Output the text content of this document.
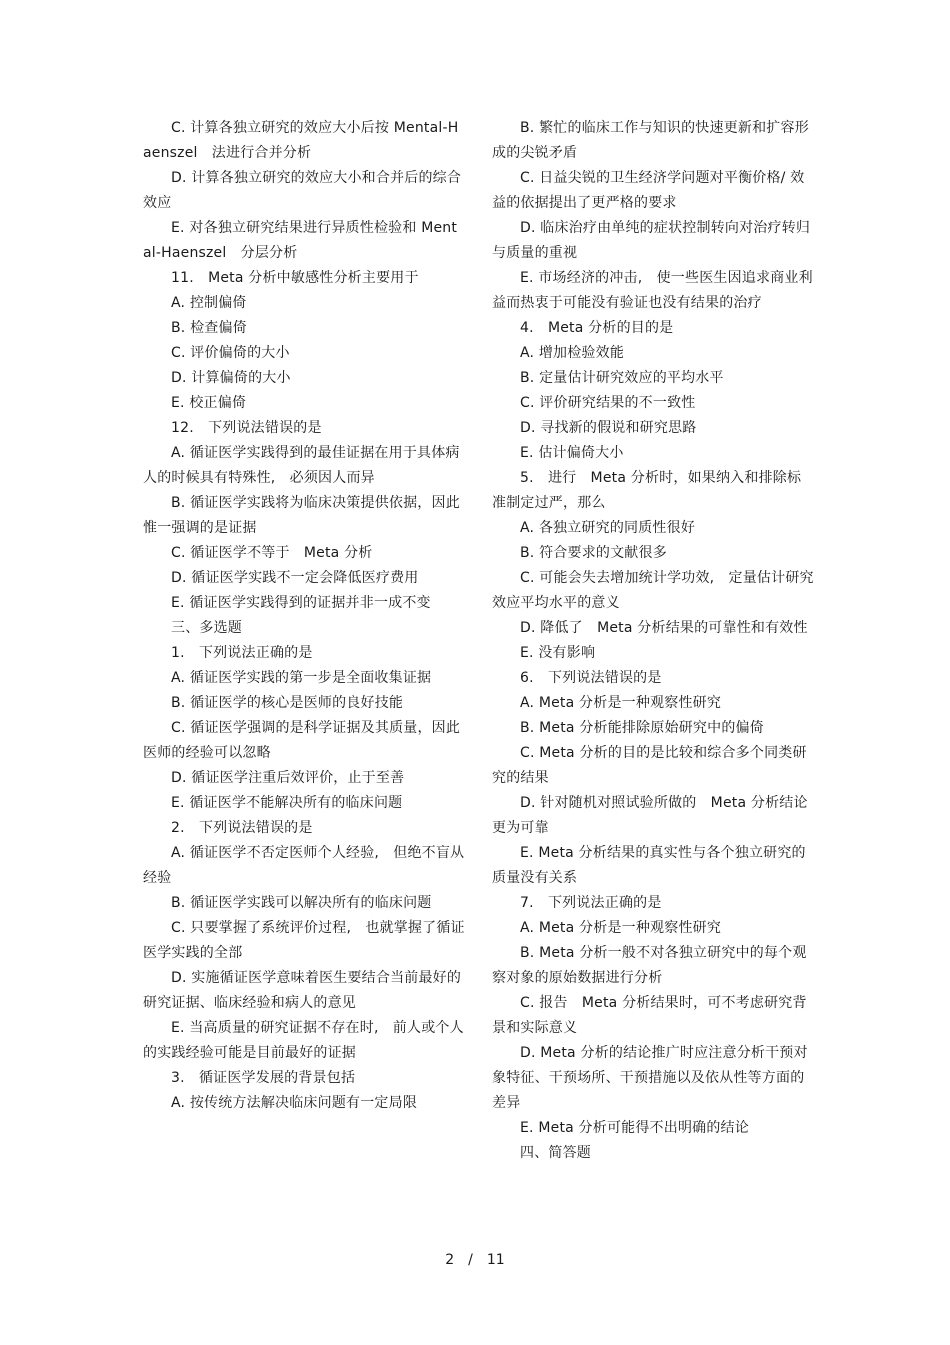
C. 计算各独立研究的效应大小后按 Mental-Haenszel　法进行合并分析

D. 计算各独立研究的效应大小和合并后的综合效应

E. 对各独立研究结果进行异质性检验和 Mental-Haenszel　分层分析

11.　Meta 分析中敏感性分析主要用于

A. 控制偏倚

B. 检查偏倚

C. 评价偏倚的大小

D. 计算偏倚的大小

E. 校正偏倚

12.　下列说法错误的是

A. 循证医学实践得到的最佳证据在用于具体病人的时候具有特殊性,　必须因人而异

B. 循证医学实践将为临床决策提供依据，因此惟一强调的是证据

C. 循证医学不等于　Meta 分析

D. 循证医学实践不一定会降低医疗费用

E. 循证医学实践得到的证据并非一成不变

三、多选题

1.　下列说法正确的是

A. 循证医学实践的第一步是全面收集证据

B. 循证医学的核心是医师的良好技能

C. 循证医学强调的是科学证据及其质量，因此医师的经验可以忽略

D. 循证医学注重后效评价，止于至善

E. 循证医学不能解决所有的临床问题

2.　下列说法错误的是

A. 循证医学不否定医师个人经验,　但绝不盲从经验

B. 循证医学实践可以解决所有的临床问题

C. 只要掌握了系统评价过程,　也就掌握了循证医学实践的全部

D. 实施循证医学意味着医生要结合当前最好的研究证据、临床经验和病人的意见

E. 当高质量的研究证据不存在时,　前人或个人的实践经验可能是目前最好的证据

3.　循证医学发展的背景包括

A. 按传统方法解决临床问题有一定局限

B. 繁忙的临床工作与知识的快速更新和扩容形成的尖锐矛盾

C. 日益尖锐的卫生经济学问题对平衡价格/ 效益的依据提出了更严格的要求

D. 临床治疗由单纯的症状控制转向对治疗转归与质量的重视

E. 市场经济的冲击,　使一些医生因追求商业利益而热衷于可能没有验证也没有结果的治疗

4.　Meta 分析的目的是

A. 增加检验效能

B. 定量估计研究效应的平均水平

C. 评价研究结果的不一致性

D. 寻找新的假说和研究思路

E. 估计偏倚大小

5.　进行　Meta 分析时，如果纳入和排除标准制定过严，那么

A. 各独立研究的同质性很好

B. 符合要求的文献很多

C. 可能会失去增加统计学功效,　定量估计研究效应平均水平的意义

D. 降低了　Meta 分析结果的可靠性和有效性

E. 没有影响

6.　下列说法错误的是

A. Meta 分析是一种观察性研究

B. Meta 分析能排除原始研究中的偏倚

C. Meta 分析的目的是比较和综合多个同类研究的结果

D. 针对随机对照试验所做的　Meta 分析结论更为可靠

E. Meta 分析结果的真实性与各个独立研究的质量没有关系

7.　下列说法正确的是

A. Meta 分析是一种观察性研究

B. Meta 分析一般不对各独立研究中的每个观察对象的原始数据进行分析

C. 报告　Meta 分析结果时，可不考虑研究背景和实际意义

D. Meta 分析的结论推广时应注意分析干预对象特征、干预场所、干预措施以及依从性等方面的差异

E. Meta 分析可能得不出明确的结论

四、简答题

2　/　11
